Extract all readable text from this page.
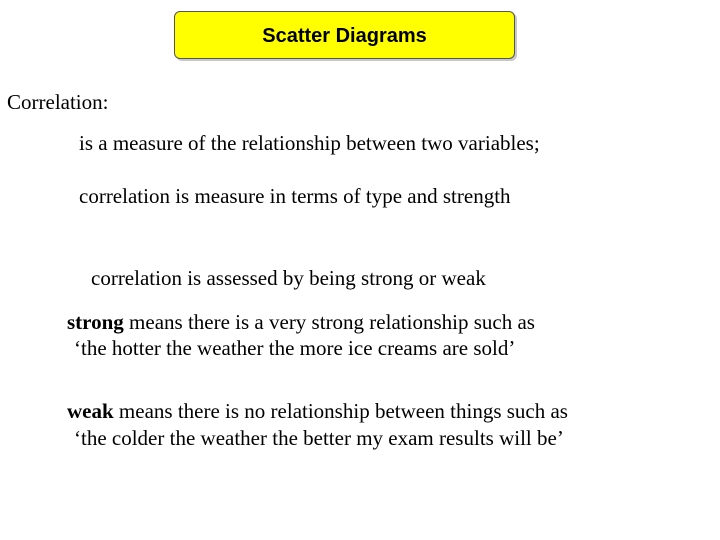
Scatter Diagrams
Correlation:
is a measure of the relationship between two variables;
correlation is measure in terms of type and strength
correlation is assessed by being strong or weak
strong means there is a very strong relationship such as
‘the hotter the weather the more ice creams are sold’
weak means there is no relationship between things such as
‘the colder the weather the better my exam results will be’
